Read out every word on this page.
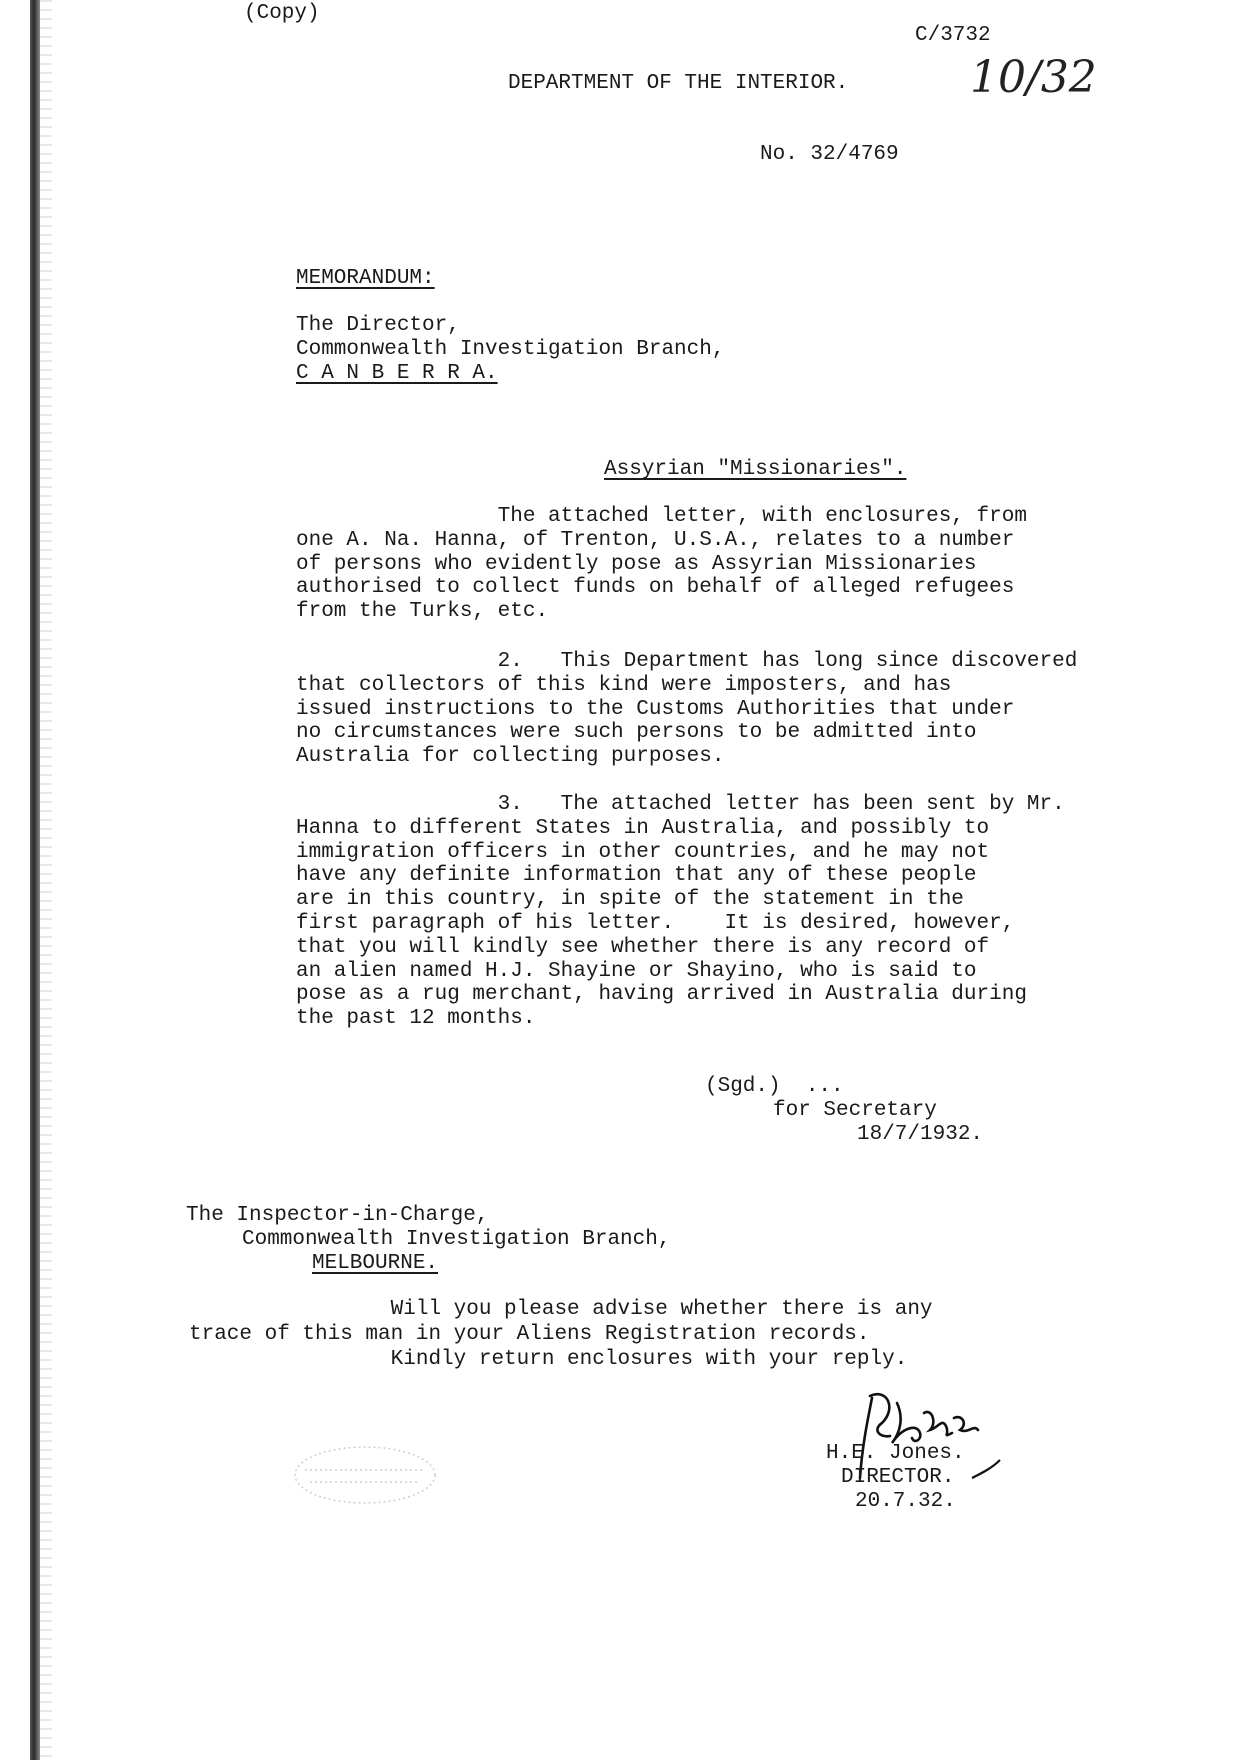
(Copy)
C/3732
10/32
DEPARTMENT OF THE INTERIOR.
No. 32/4769
MEMORANDUM:
The Director,
Commonwealth Investigation Branch,
C A N B E R R A.
Assyrian "Missionaries".
The attached letter, with enclosures, from
one A. Na. Hanna, of Trenton, U.S.A., relates to a number
of persons who evidently pose as Assyrian Missionaries
authorised to collect funds on behalf of alleged refugees
from the Turks, etc.
2.   This Department has long since discovered
that collectors of this kind were imposters, and has
issued instructions to the Customs Authorities that under
no circumstances were such persons to be admitted into
Australia for collecting purposes.
3.   The attached letter has been sent by Mr.
Hanna to different States in Australia, and possibly to
immigration officers in other countries, and he may not
have any definite information that any of these people
are in this country, in spite of the statement in the
first paragraph of his letter.    It is desired, however,
that you will kindly see whether there is any record of
an alien named H.J. Shayine or Shayino, who is said to
pose as a rug merchant, having arrived in Australia during
the past 12 months.
(Sgd.)  ...
for Secretary
18/7/1932.
The Inspector-in-Charge,
Commonwealth Investigation Branch,
MELBOURNE.
Will you please advise whether there is any
trace of this man in your Aliens Registration records.
Kindly return enclosures with your reply.
H.E. Jones.
DIRECTOR.
20.7.32.
